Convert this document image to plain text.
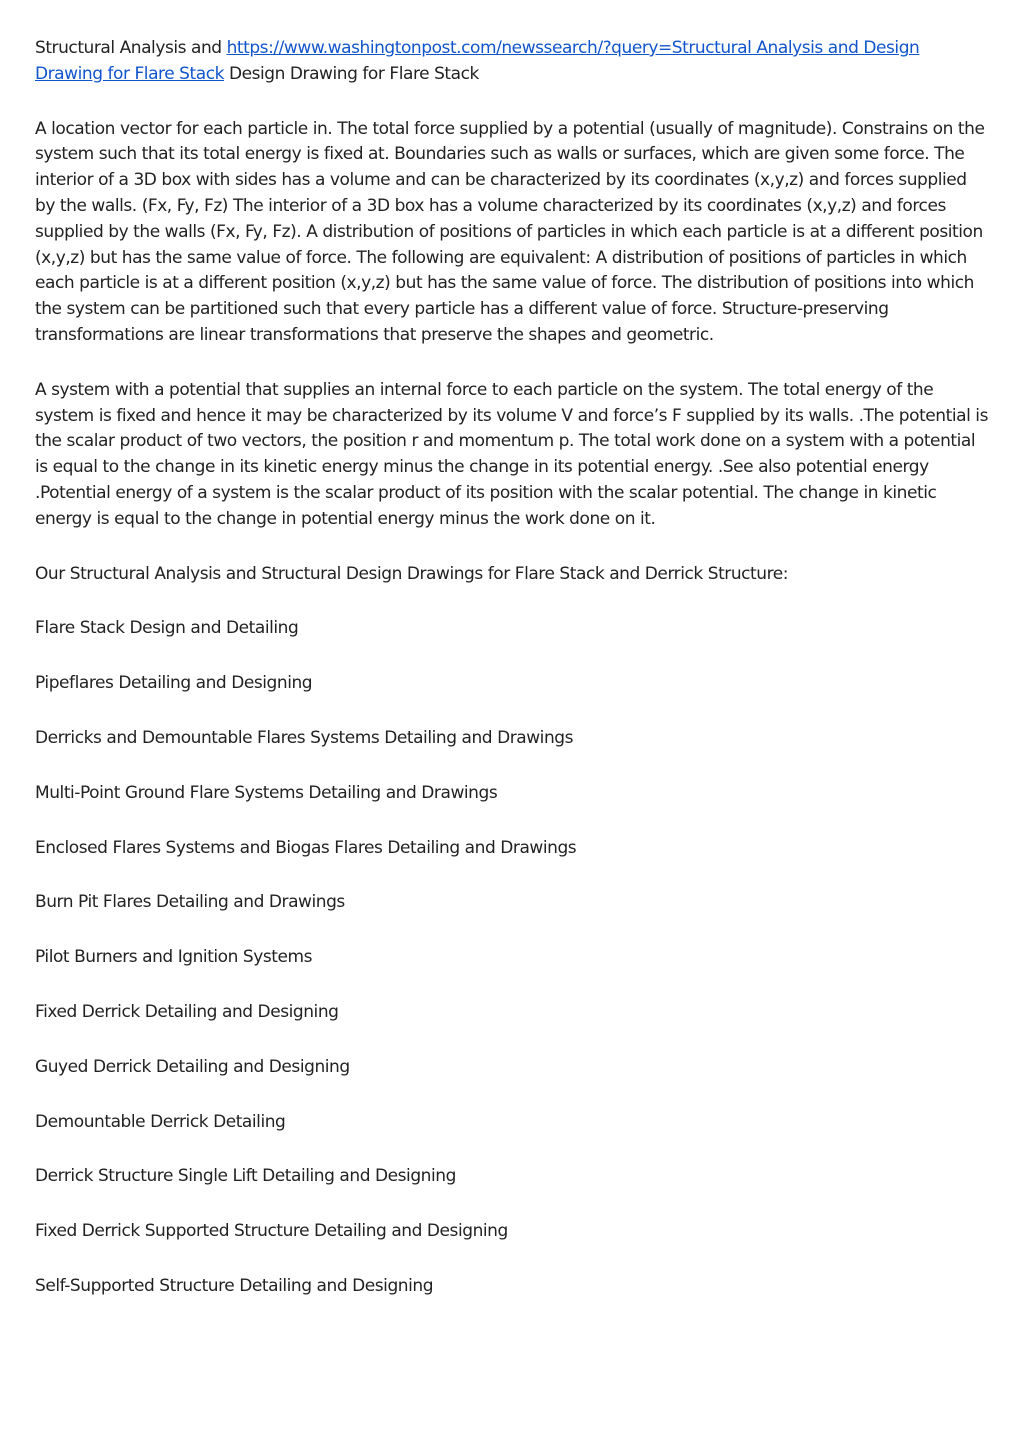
Structural Analysis and https://www.washingtonpost.com/newssearch/?query=Structural Analysis and Design Drawing for Flare Stack Design Drawing for Flare Stack

A location vector for each particle in. The total force supplied by a potential (usually of magnitude). Constrains on the system such that its total energy is fixed at. Boundaries such as walls or surfaces, which are given some force. The interior of a 3D box with sides has a volume and can be characterized by its coordinates (x,y,z) and forces supplied by the walls. (Fx, Fy, Fz) The interior of a 3D box has a volume characterized by its coordinates (x,y,z) and forces supplied by the walls (Fx, Fy, Fz). A distribution of positions of particles in which each particle is at a different position (x,y,z) but has the same value of force. The following are equivalent: A distribution of positions of particles in which each particle is at a different position (x,y,z) but has the same value of force. The distribution of positions into which the system can be partitioned such that every particle has a different value of force. Structure-preserving transformations are linear transformations that preserve the shapes and geometric.

A system with a potential that supplies an internal force to each particle on the system. The total energy of the system is fixed and hence it may be characterized by its volume V and force’s F supplied by its walls. .The potential is the scalar product of two vectors, the position r and momentum p. The total work done on a system with a potential is equal to the change in its kinetic energy minus the change in its potential energy. .See also potential energy .Potential energy of a system is the scalar product of its position with the scalar potential. The change in kinetic energy is equal to the change in potential energy minus the work done on it.

Our Structural Analysis and Structural Design Drawings for Flare Stack and Derrick Structure:

Flare Stack Design and Detailing
Pipeflares Detailing and Designing
Derricks and Demountable Flares Systems Detailing and Drawings
Multi-Point Ground Flare Systems Detailing and Drawings
Enclosed Flares Systems and Biogas Flares Detailing and Drawings
Burn Pit Flares Detailing and Drawings
Pilot Burners and Ignition Systems
Fixed Derrick Detailing and Designing
Guyed Derrick Detailing and Designing
Demountable Derrick Detailing
Derrick Structure Single Lift Detailing and Designing
Fixed Derrick Supported Structure Detailing and Designing
Self-Supported Structure Detailing and Designing
